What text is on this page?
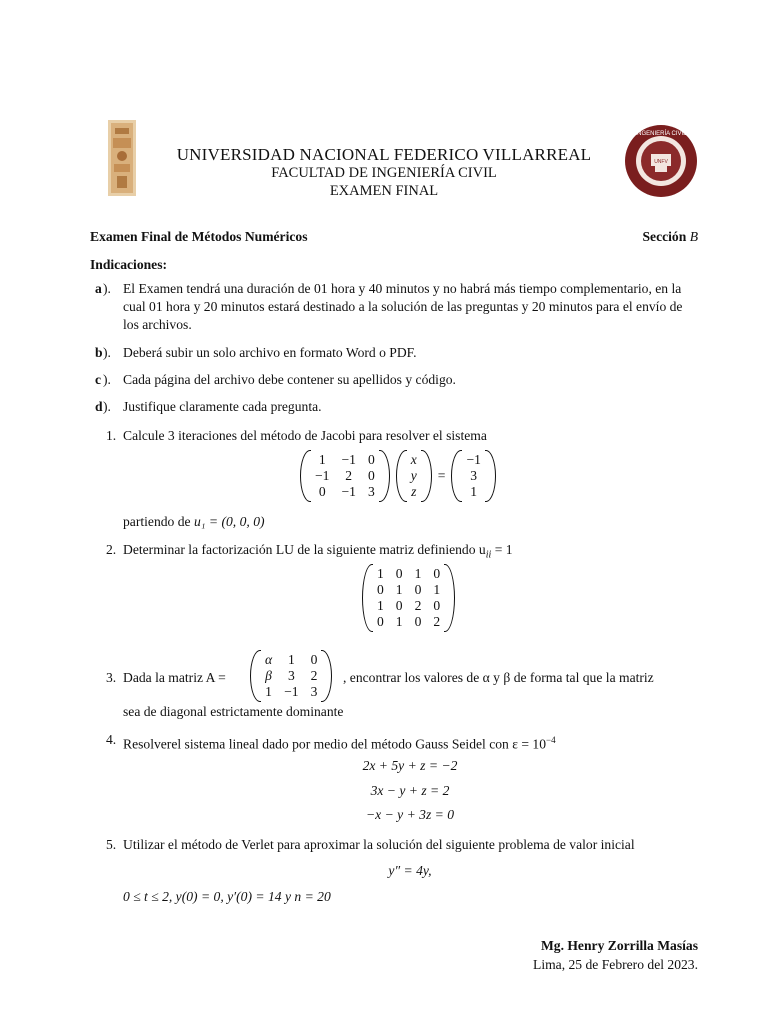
INGENIERÍA CIVIL
UNFV
UNIVERSIDAD NACIONAL FEDERICO VILLARREAL
FACULTAD DE INGENIERÍA CIVIL
EXAMEN FINAL
Examen Final de Métodos Numéricos	Sección B
Indicaciones:
a ). El Examen tendrá una duración de 01 hora y 40 minutos y no habrá más tiempo complementario, en la cual 01 hora y 20 minutos estará destinado a la solución de las preguntas y 20 minutos para el envío de los archivos.
b ). Deberá subir un solo archivo en formato Word o PDF.
c ). Cada página del archivo debe contener su apellidos y código.
d ). Justifique claramente cada pregunta.
1. Calcule 3 iteraciones del método de Jacobi para resolver el sistema
1 −1 0
−1 2 0
0 −1 3
x
y
z
=
−1
3
1
partiendo de u₁ = (0, 0, 0)
2. Determinar la factorización LU de la siguiente matriz definiendo $u_{ii} = 1$
1 0 1 0
0 1 0 1
1 0 2 0
0 1 0 2
3. Dada la matriz A =
α 1 0
β 3 2
1 −1 3
, encontrar los valores de α y β de forma tal que la matriz
sea de diagonal estrictamente dominante
4. Resolverel sistema lineal dado por medio del método Gauss Seidel con $\varepsilon = 10^{-4}$
2x + 5y + z = −2
3x − y + z = 2
−x − y + 3z = 0
5. Utilizar el método de Verlet para aproximar la solución del siguiente problema de valor inicial
y″ = 4y,
0 ≤ t ≤ 2, y(0) = 0, y′(0) = 14 y n = 20
Mg. Henry Zorrilla Masías
Lima, 25 de Febrero del 2023.
